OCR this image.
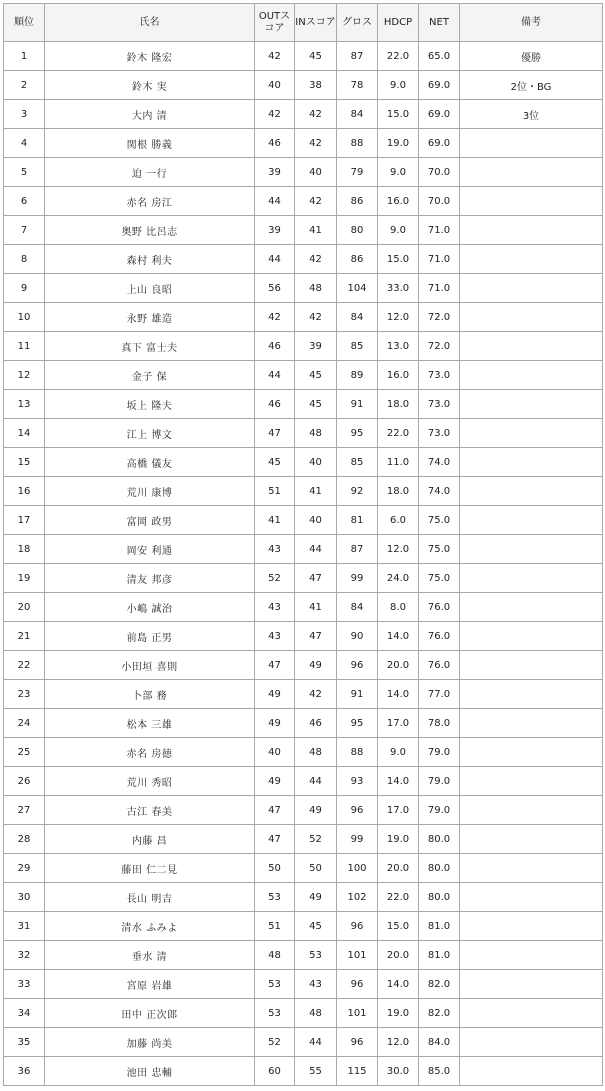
順位	氏名	OUTスコア	INスコア	グロス	HDCP	NET	備考
1	鈴木 隆宏	42	45	87	22.0	65.0	優勝
2	鈴木 実	40	38	78	9.0	69.0	2位・BG
3	大内 清	42	42	84	15.0	69.0	3位
4	関根 勝義	46	42	88	19.0	69.0	
5	迫 一行	39	40	79	9.0	70.0	
6	赤名 房江	44	42	86	16.0	70.0	
7	奥野 比呂志	39	41	80	9.0	71.0	
8	森村 利夫	44	42	86	15.0	71.0	
9	上山 良昭	56	48	104	33.0	71.0	
10	永野 雄造	42	42	84	12.0	72.0	
11	真下 富士夫	46	39	85	13.0	72.0	
12	金子 保	44	45	89	16.0	73.0	
13	坂上 隆夫	46	45	91	18.0	73.0	
14	江上 博文	47	48	95	22.0	73.0	
15	高橋 儀友	45	40	85	11.0	74.0	
16	荒川 康博	51	41	92	18.0	74.0	
17	富岡 政男	41	40	81	6.0	75.0	
18	岡安 利通	43	44	87	12.0	75.0	
19	清友 邦彦	52	47	99	24.0	75.0	
20	小嶋 誠治	43	41	84	8.0	76.0	
21	前島 正男	43	47	90	14.0	76.0	
22	小田垣 喜則	47	49	96	20.0	76.0	
23	卜部 務	49	42	91	14.0	77.0	
24	松本 三雄	49	46	95	17.0	78.0	
25	赤名 房徳	40	48	88	9.0	79.0	
26	荒川 秀昭	49	44	93	14.0	79.0	
27	古江 春美	47	49	96	17.0	79.0	
28	内藤 昌	47	52	99	19.0	80.0	
29	藤田 仁二見	50	50	100	20.0	80.0	
30	長山 明吉	53	49	102	22.0	80.0	
31	清水 ふみよ	51	45	96	15.0	81.0	
32	垂水 清	48	53	101	20.0	81.0	
33	宮原 岩雄	53	43	96	14.0	82.0	
34	田中 正次郎	53	48	101	19.0	82.0	
35	加藤 尚美	52	44	96	12.0	84.0	
36	池田 忠輔	60	55	115	30.0	85.0	
